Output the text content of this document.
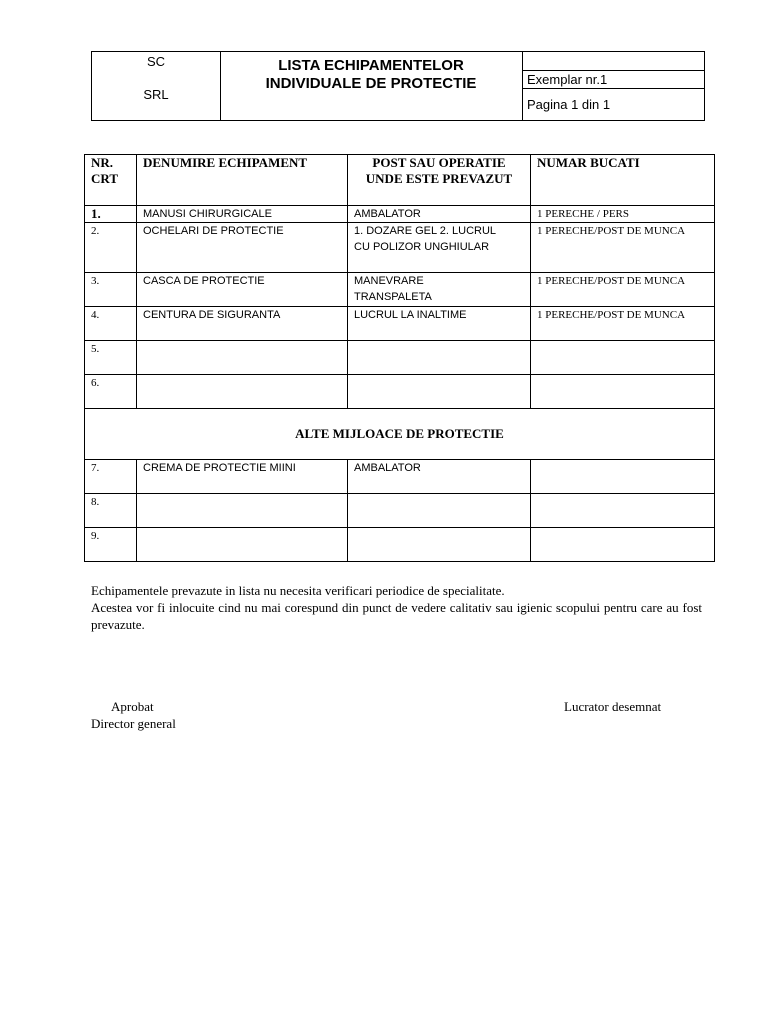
SC
SRL
LISTA ECHIPAMENTELOR
INDIVIDUALE DE PROTECTIE	Exemplar nr.1
Pagina 1 din 1
NR. CRT	DENUMIRE ECHIPAMENT	POST SAU OPERATIE UNDE ESTE PREVAZUT	NUMAR BUCATI
1.	MANUSI CHIRURGICALE	AMBALATOR	1 PERECHE / PERS
2.	OCHELARI DE PROTECTIE	1. DOZARE GEL 2. LUCRUL CU POLIZOR UNGHIULAR	1 PERECHE/POST DE MUNCA
3.	CASCA DE PROTECTIE	MANEVRARE TRANSPALETA	1 PERECHE/POST DE MUNCA
4.	CENTURA DE SIGURANTA	LUCRUL LA INALTIME	1 PERECHE/POST DE MUNCA
5.			
6.			
ALTE MIJLOACE DE PROTECTIE			
7.	CREMA DE PROTECTIE MIINI	AMBALATOR	
8.			
9.			
Echipamentele prevazute in lista nu necesita verificari periodice de specialitate.
Acestea vor fi inlocuite cind nu mai corespund din punct de vedere calitativ sau igienic scopului pentru care au fost prevazute.
Aprobat
Director general
Lucrator desemnat
